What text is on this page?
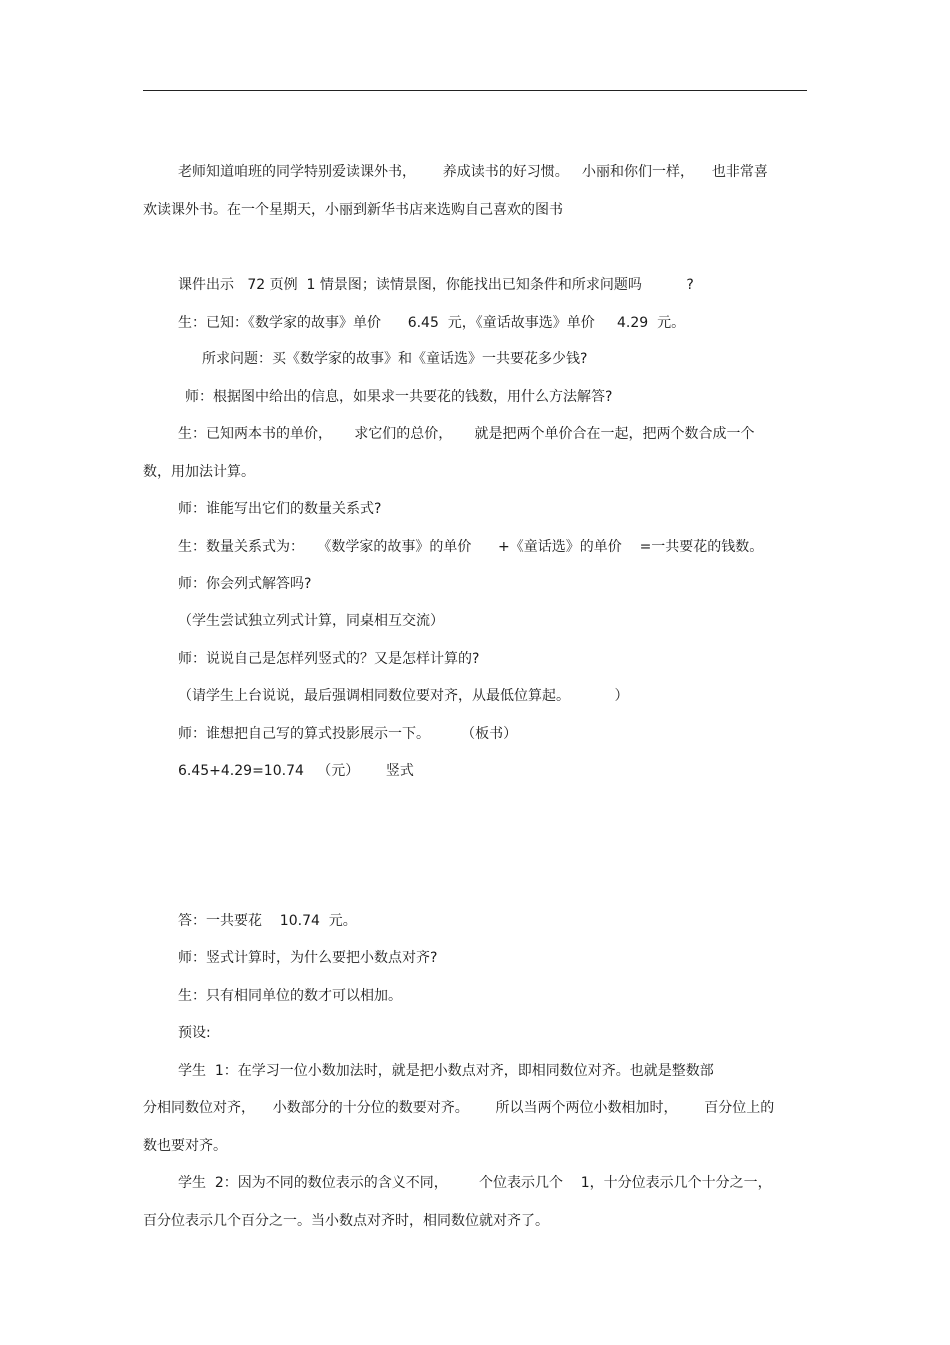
老师知道咱班的同学特别爱读课外书，      养成读书的好习惯。   小丽和你们一样，    也非常喜
欢读课外书。在一个星期天，小丽到新华书店来选购自己喜欢的图书
课件出示   72 页例  1 情景图；读情景图，你能找出已知条件和所求问题吗          ?
生：已知：《数学家的故事》单价      6.45  元，《童话故事选》单价     4.29  元。
所求问题：买《数学家的故事》和《童话选》一共要花多少钱?
师：根据图中给出的信息，如果求一共要花的钱数，用什么方法解答?
生：已知两本书的单价，     求它们的总价，     就是把两个单价合在一起，把两个数合成一个
数，用加法计算。
师：谁能写出它们的数量关系式?
生：数量关系式为：   《数学家的故事》的单价      +《童话选》的单价    =一共要花的钱数。
师：你会列式解答吗?
（学生尝试独立列式计算，同桌相互交流）
师：说说自己是怎样列竖式的？又是怎样计算的?
（请学生上台说说，最后强调相同数位要对齐，从最低位算起。          ）
师：谁想把自己写的算式投影展示一下。       （板书）
6.45+4.29=10.74   （元）      竖式
答：一共要花    10.74  元。
师：竖式计算时，为什么要把小数点对齐?
生：只有相同单位的数才可以相加。
预设:
学生  1：在学习一位小数加法时，就是把小数点对齐，即相同数位对齐。也就是整数部
分相同数位对齐，    小数部分的十分位的数要对齐。      所以当两个两位小数相加时，      百分位上的
数也要对齐。
学生  2：因为不同的数位表示的含义不同，       个位表示几个    1，十分位表示几个十分之一，
百分位表示几个百分之一。当小数点对齐时，相同数位就对齐了。
